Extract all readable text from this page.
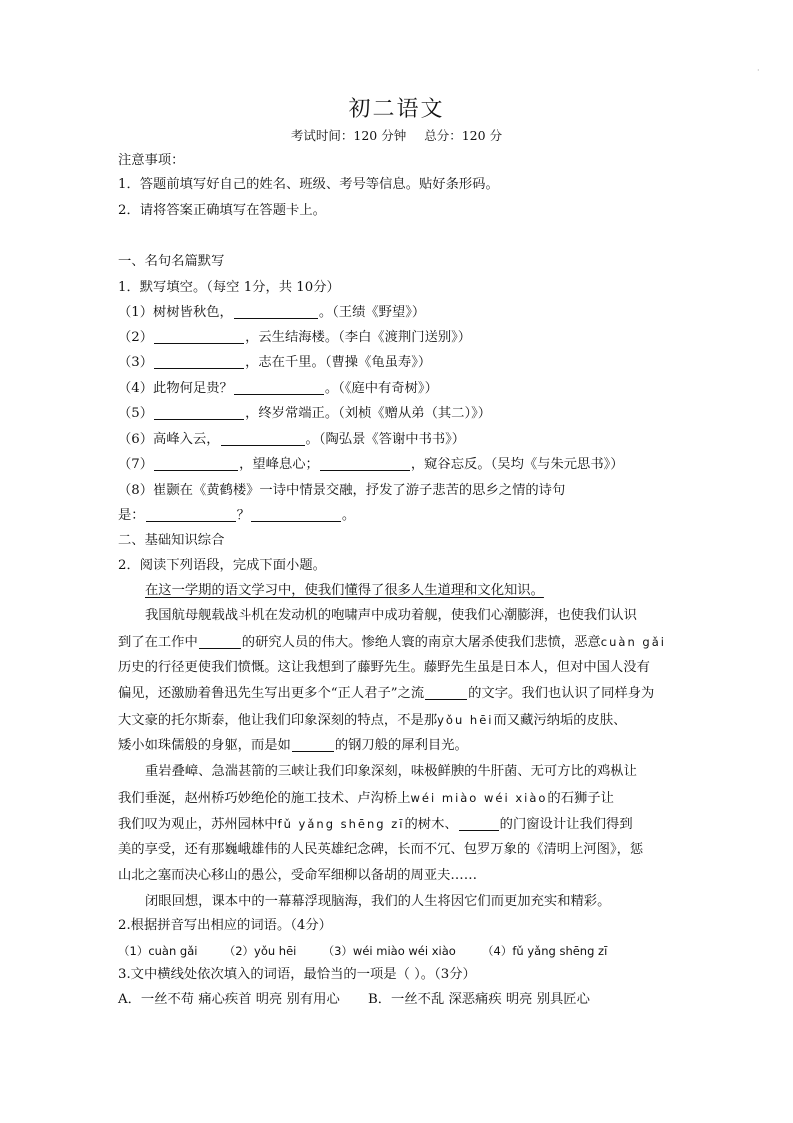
·
初二语文
考试时间：120 分钟 总分：120 分
注意事项：
1．答题前填写好自己的姓名、班级、考号等信息。贴好条形码。
2．请将答案正确填写在答题卡上。
一、名句名篇默写
1．默写填空。（每空 1分，共 10分）
（1）树树皆秋色，	。（王绩《野望》）
（2）	，云生结海楼。（李白《渡荆门送别》）
（3）	，志在千里。（曹操《龟虽寿》）
（4）此物何足贵？	。（《庭中有奇树》）
（5）	，终岁常端正。（刘桢《赠从弟（其二）》）
（6）高峰入云，	。（陶弘景《答谢中书书》）
（7）	，望峰息心；	，窥谷忘反。（吴均《与朱元思书》）
（8）崔颢在《黄鹤楼》一诗中情景交融，抒发了游子悲苦的思乡之情的诗句
是：	？	。
二、基础知识综合
2．阅读下列语段，完成下面小题。
在这一学期的语文学习中，使我们懂得了很多人生道理和文化知识。
我国航母舰载战斗机在发动机的咆啸声中成功着舰，使我们心潮膨湃，也使我们认识
到了在工作中	的研究人员的伟大。惨绝人寰的南京大屠杀使我们悲愤，恶意cuàn gǎi
历史的行径更使我们愤慨。这让我想到了藤野先生。藤野先生虽是日本人，但对中国人没有
偏见，还激励着鲁迅先生写出更多个“正人君子”之流	的文字。我们也认识了同样身为
大文豪的托尔斯泰，他让我们印象深刻的特点，不是那yǒu hēi而又藏污纳垢的皮肤、
矮小如珠儒般的身躯，而是如	的钢刀般的犀利目光。
重岩叠嶂、急湍甚箭的三峡让我们印象深刻，味极鲜腴的牛肝菌、无可方比的鸡枞让
我们垂涎，赵州桥巧妙绝伦的施工技术、卢沟桥上wéi miào wéi xiào的石狮子让
我们叹为观止，苏州园林中fǔ yǎng shēng zī的树木、	的门窗设计让我们得到
美的享受，还有那巍峨雄伟的人民英雄纪念碑，长而不冗、包罗万象的《清明上河图》，惩
山北之塞而决心移山的愚公，受命军细柳以备胡的周亚夫……
闭眼回想，课本中的一幕幕浮现脑海，我们的人生将因它们而更加充实和精彩。
2.根据拼音写出相应的词语。（4分）
（1）cuàn gǎi （2）yǒu hēi （3）wéi miào wéi xiào （4）fǔ yǎng shēng zī
3.文中横线处依次填入的词语，最恰当的一项是（ ）。（3分）
A．一丝不苟 痛心疾首 明亮 别有用心 B．一丝不乱 深恶痛疾 明亮 别具匠心
